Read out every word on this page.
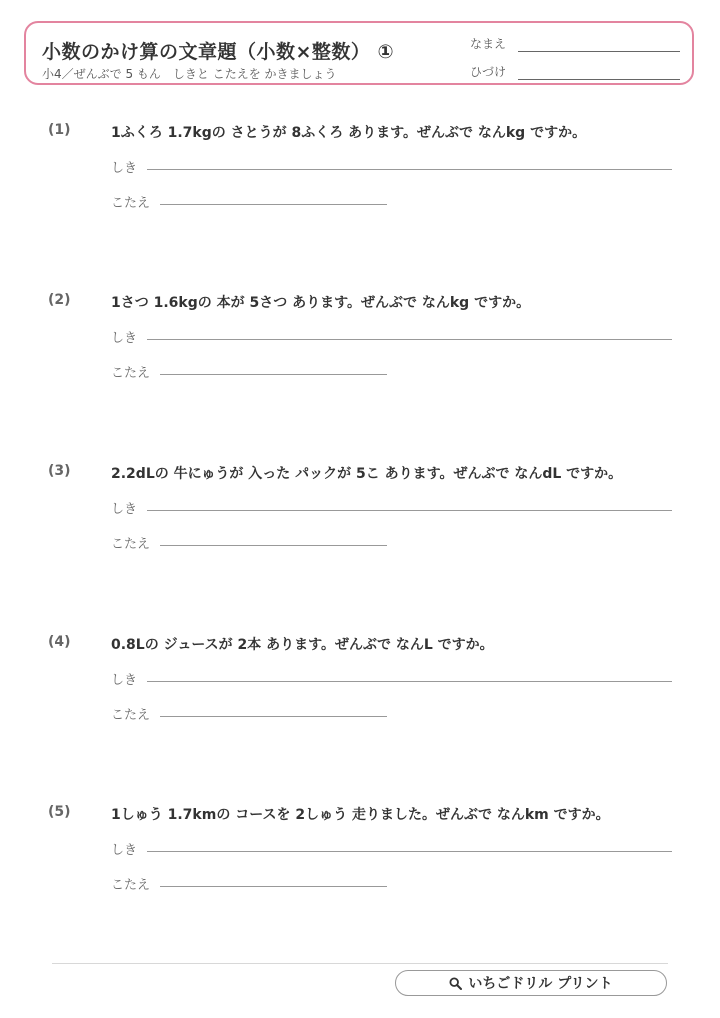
小数のかけ算の文章題（小数×整数） ①
小4／ぜんぶで 5 もん　しきと こたえを かきましょう
なまえ
ひづけ
(1)	1ふくろ 1.7kgの さとうが 8ふくろ あります。ぜんぶで なんkg ですか。
しき
こたえ
(2)	1さつ 1.6kgの 本が 5さつ あります。ぜんぶで なんkg ですか。
しき
こたえ
(3)	2.2dLの 牛にゅうが 入った パックが 5こ あります。ぜんぶで なんdL ですか。
しき
こたえ
(4)	0.8Lの ジュースが 2本 あります。ぜんぶで なんL ですか。
しき
こたえ
(5)	1しゅう 1.7kmの コースを 2しゅう 走りました。ぜんぶで なんkm ですか。
しき
こたえ
いちごドリル プリント
